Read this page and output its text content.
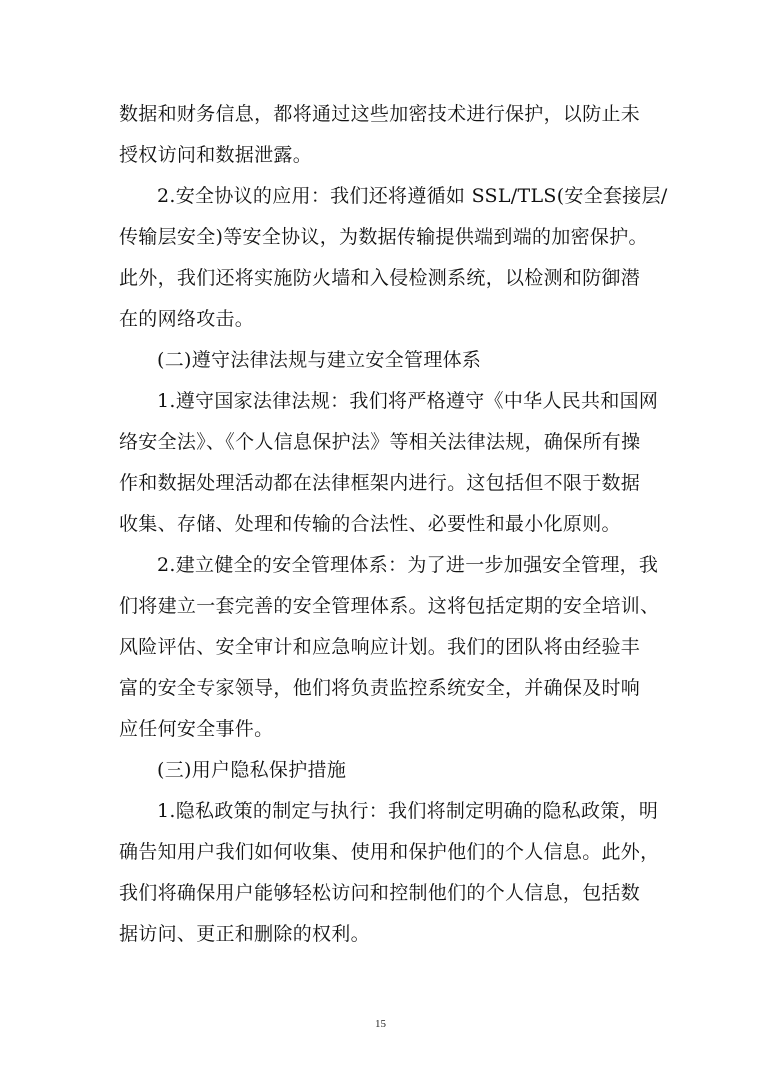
数据和财务信息，都将通过这些加密技术进行保护，以防止未
授权访问和数据泄露。
2.安全协议的应用：我们还将遵循如 SSL/TLS(安全套接层/
传输层安全)等安全协议，为数据传输提供端到端的加密保护。
此外，我们还将实施防火墙和入侵检测系统，以检测和防御潜
在的网络攻击。
(二)遵守法律法规与建立安全管理体系
1.遵守国家法律法规：我们将严格遵守《中华人民共和国网
络安全法》、《个人信息保护法》等相关法律法规，确保所有操
作和数据处理活动都在法律框架内进行。这包括但不限于数据
收集、存储、处理和传输的合法性、必要性和最小化原则。
2.建立健全的安全管理体系：为了进一步加强安全管理，我
们将建立一套完善的安全管理体系。这将包括定期的安全培训、
风险评估、安全审计和应急响应计划。我们的团队将由经验丰
富的安全专家领导，他们将负责监控系统安全，并确保及时响
应任何安全事件。
(三)用户隐私保护措施
1.隐私政策的制定与执行：我们将制定明确的隐私政策，明
确告知用户我们如何收集、使用和保护他们的个人信息。此外，
我们将确保用户能够轻松访问和控制他们的个人信息，包括数
据访问、更正和删除的权利。
15
